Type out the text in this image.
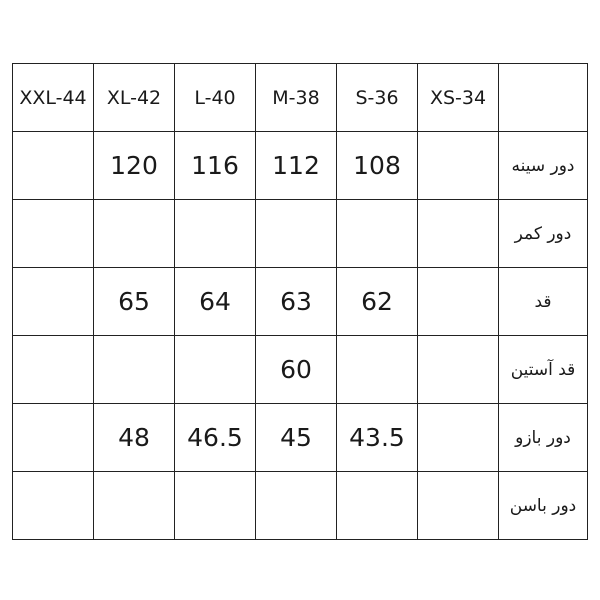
XXL-44	XL-42	L-40	M-38	S-36	XS-34	
	120	116	112	108		دور سینه
						دور کمر
	65	64	63	62		قد
			60			قد آستین
	48	46.5	45	43.5		دور بازو
						دور باسن
